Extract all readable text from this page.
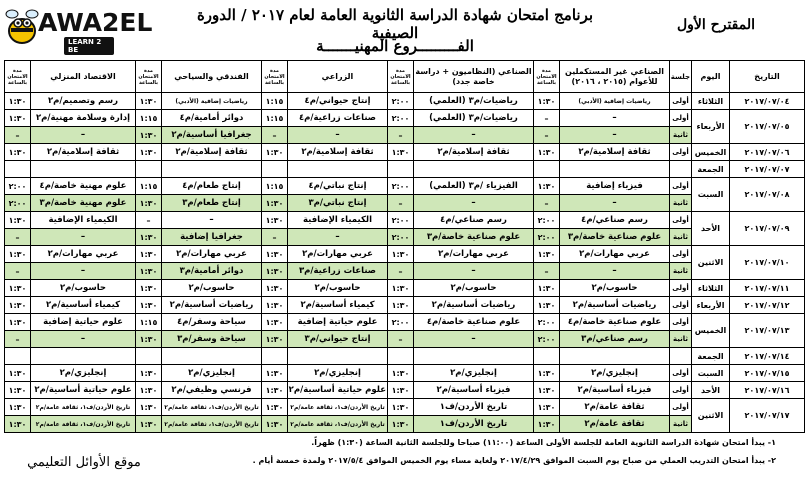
AWA2EL
LEARN 2 BE
برنامج امتحان شهادة الدراسة الثانوية العامة لعام ٢٠١٧ / الدورة الصيفية	المقترح الأول
الفـــــــــروع المهنيـــــــة
التاريخ	اليوم	جلسة	الصناعي غير المستكملين للأعوام (٢٠١٥ ، ٢٠١٦)	مدة الامتحان بالساعة	الصناعي (النظاميون + دراسة خاصة جدد)	مدة الامتحان بالساعة	الزراعي	مدة الامتحان بالساعة	الفندقي والسياحي	مدة الامتحان بالساعة	الاقتصاد المنزلي	مدة الامتحان بالساعة
٢٠١٧/٠٧/٠٤	الثلاثاء	أولى	رياضيات إضافية (الأدبي)	١:٣٠	رياضيات/م٣ (العلمي)	٢:٠٠	إنتاج حيواني/م٤	١:١٥	رياضيات إضافية (الأدبي)	١:٣٠	رسم وتصميم/م٢	١:٣٠
٢٠١٧/٠٧/٠٥	الأربعاء	أولى	–	–	رياضيات/م٣ (العلمي)	٢:٠٠	صناعات زراعية/م٤	١:١٥	دوائر أمامية/م٤	١:١٥	إدارة وسلامة مهنية/م٢	١:٣٠
		ثانية	–	–	–	–	–	–	جغرافيا أساسية/م٢	١:٣٠	–	–
٢٠١٧/٠٧/٠٦	الخميس	أولى	ثقافة إسلامية/م٢	١:٣٠	ثقافة إسلامية/م٢	١:٣٠	ثقافة إسلامية/م٢	١:٣٠	ثقافة إسلامية/م٢	١:٣٠	ثقافة إسلامية/م٢	١:٣٠
٢٠١٧/٠٧/٠٧	الجمعة											
٢٠١٧/٠٧/٠٨	السبت	أولى	فيزياء إضافية	١:٣٠	الفيزياء /م٣ (العلمي)	٢:٠٠	إنتاج نباتي/م٤	١:١٥	إنتاج طعام/م٤	١:١٥	علوم مهنية خاصة/م٤	٢:٠٠
		ثانية	–	–	–	–	إنتاج نباتي/م٣	١:٣٠	إنتاج طعام/م٣	١:٣٠	علوم مهنية خاصة/م٣	٢:٠٠
٢٠١٧/٠٧/٠٩	الأحد	أولى	رسم صناعي/م٤	٢:٠٠	رسم صناعي/م٤	٢:٠٠	الكيمياء الإضافية	١:٣٠	–	–	الكيمياء الإضافية	١:٣٠
		ثانية	علوم صناعية خاصة/م٣	٢:٠٠	علوم صناعية خاصة/م٣	٢:٠٠	–	–	جغرافيا إضافية	١:٣٠	–	–
٢٠١٧/٠٧/١٠	الاثنين	أولى	عربي مهارات/م٢	١:٣٠	عربي مهارات/م٢	١:٣٠	عربي مهارات/م٢	١:٣٠	عربي مهارات/م٢	١:٣٠	عربي مهارات/م٢	١:٣٠
		ثانية	–	–	–	–	صناعات زراعية/م٣	١:٣٠	دوائر أمامية/م٣	١:٣٠	–	–
٢٠١٧/٠٧/١١	الثلاثاء	أولى	حاسوب/م٢	١:٣٠	حاسوب/م٢	١:٣٠	حاسوب/م٢	١:٣٠	حاسوب/م٢	١:٣٠	حاسوب/م٢	١:٣٠
٢٠١٧/٠٧/١٢	الأربعاء	أولى	رياضيات أساسية/م٢	١:٣٠	رياضيات أساسية/م٢	١:٣٠	كيمياء أساسية/م٢	١:٣٠	رياضيات أساسية/م٢	١:٣٠	كيمياء أساسية/م٢	١:٣٠
٢٠١٧/٠٧/١٣	الخميس	أولى	علوم صناعية خاصة/م٤	٢:٠٠	علوم صناعية خاصة/م٤	٢:٠٠	علوم حياتية إضافية	١:٣٠	سياحة وسفر/م٤	١:١٥	علوم حياتية إضافية	١:٣٠
		ثانية	رسم صناعي/م٣	٢:٠٠	–	–	إنتاج حيواني/م٣	١:٣٠	سياحة وسفر/م٣	١:٣٠	–	–
٢٠١٧/٠٧/١٤	الجمعة											
٢٠١٧/٠٧/١٥	السبت	أولى	إنجليزي/م٢	١:٣٠	إنجليزي/م٢	١:٣٠	إنجليزي/م٢	١:٣٠	إنجليزي/م٢	١:٣٠	إنجليزي/م٢	١:٣٠
٢٠١٧/٠٧/١٦	الأحد	أولى	فيزياء أساسية/م٢	١:٣٠	فيزياء أساسية/م٢	١:٣٠	علوم حياتية أساسية/م٢	١:٣٠	فرنسي وظيفي/م٢	١:٣٠	علوم حياتية أساسية/م٢	١:٣٠
٢٠١٧/٠٧/١٧	الاثنين	أولى	ثقافة عامة/م٢	١:٣٠	تاريخ الأردن/ف١	١:٣٠	تاريخ الأردن/ف١، ثقافة عامة/م٢	١:٣٠	تاريخ الأردن/ف١، ثقافة عامة/م٢	١:٣٠	تاريخ الأردن/ف١، ثقافة عامة/م٢	١:٣٠
		ثانية	ثقافة عامة/م٢	١:٣٠	تاريخ الأردن/ف١	١:٣٠	تاريخ الأردن/ف١، ثقافة عامة/م٢	١:٣٠	تاريخ الأردن/ف١، ثقافة عامة/م٢	١:٣٠	تاريخ الأردن/ف١، ثقافة عامة/م٢	١:٣٠
١- يبدأ امتحان شهادة الدراسة الثانوية العامة للجلسة الأولى الساعة (١١:٠٠) صباحا وللجلسة الثانية الساعة (١:٣٠) ظهراً.
٢- يبدأ امتحان التدريب العملي من صباح يوم السبت الموافق ٢٠١٧/٤/٢٩ ولغاية مساء يوم الخميس الموافق ٢٠١٧/٥/٤ ولمدة خمسة أيام .
موقع الأوائل التعليمي
